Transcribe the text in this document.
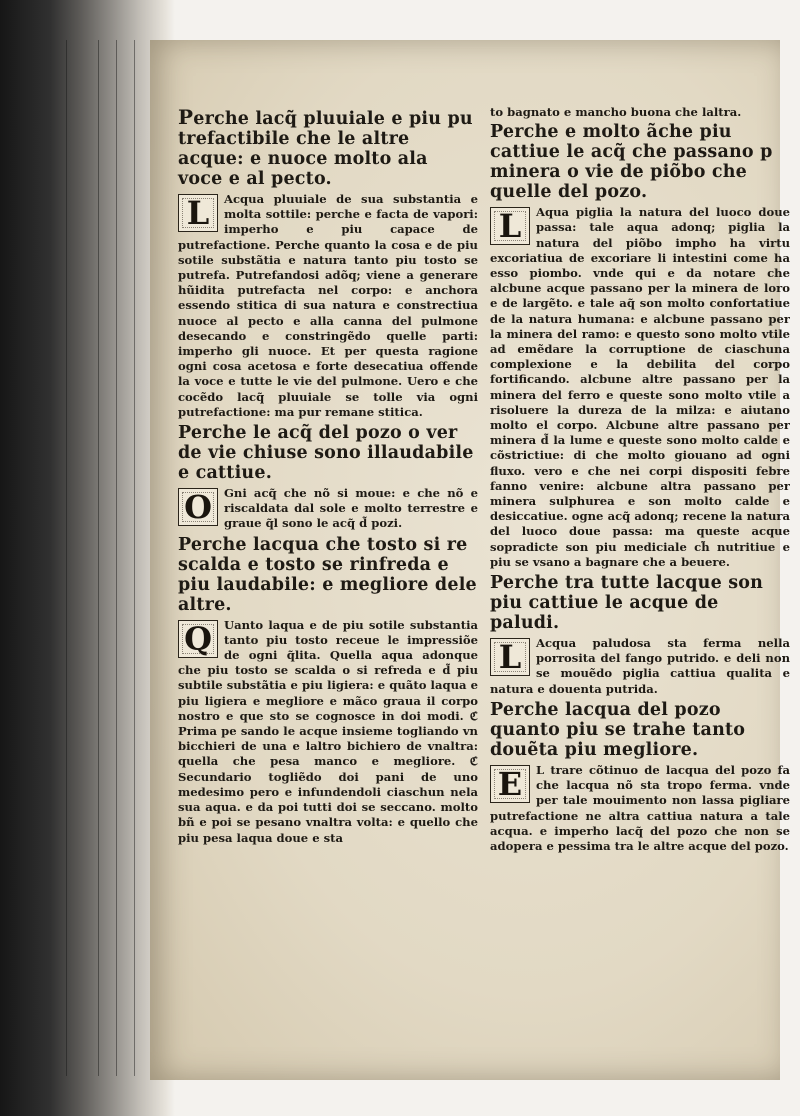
Perche lacq̃ pluuiale e piu pu trefactibile che le altre acque: e nuoce molto ala voce e al pecto.
L	Acqua pluuiale de sua substantia e molta sottile: perche e facta de vapori: imperho e piu capace de putrefactione. Perche quanto la cosa e de piu sotile substãtia e natura tanto piu tosto se putrefa. Putrefandosi adõq; viene a generare hũidita putrefacta nel corpo: e anchora essendo stitica di sua natura e constrectiua nuoce al pecto e alla canna del pulmone desecando e constringẽdo quelle parti: imperho gli nuoce. Et per questa ragione ogni cosa acetosa e forte desecatiua offende la voce e tutte le vie del pulmone. Uero e che cocẽdo lacq̃ pluuiale se tolle via ogni putrefactione: ma pur remane stitica.
Perche le acq̃ del pozo o ver de vie chiuse sono illaudabile e cattiue.
O	Gni acq̃ che nõ si moue: e che nõ e riscaldata dal sole e molto terrestre e graue q̃l sono le acq̃ d̃ pozi.
Perche lacqua che tosto si re scalda e tosto se rinfreda e piu laudabile: e megliore dele altre.
Q	Uanto laqua e de piu sotile substantia tanto piu tosto receue le impressiõe de ogni q̃lita. Quella aqua adonque che piu tosto se scalda o si refreda e d̃ piu subtile substãtia e piu ligiera: e quãto laqua e piu ligiera e megliore e mãco graua il corpo nostro e que sto se cognosce in doi modi. ℭ Prima pe sando le acque insieme togliando vn bicchieri de una e laltro bichiero de vnaltra: quella che pesa manco e megliore. ℭ Secundario togliẽdo doi pani de uno medesimo pero e infundendoli ciaschun nela sua aqua. e da poi tutti doi se seccano. molto bñ e poi se pesano vnaltra volta: e quello che piu pesa laqua doue e sta
to bagnato e mancho buona che laltra.
Perche e molto ãche piu cattiue le acq̃ che passano p minera o vie de piõbo che quelle del pozo.
L	Aqua piglia la natura del luoco doue passa: tale aqua adonq; piglia la natura del piõbo impho ha virtu excoriatiua de excoriare li intestini come ha esso piombo. vnde qui e da notare che alcbune acque passano per la minera de loro e de largẽto. e tale aq̃ son molto confortatiue de la natura humana: e alcbune passano per la minera del ramo: e questo sono molto vtile ad emẽdare la corruptione de ciaschuna complexione e la debilita del corpo fortificando. alcbune altre passano per la minera del ferro e queste sono molto vtile a risoluere la dureza de la milza: e aiutano molto el corpo. Alcbune altre passano per minera d̃ la lume e queste sono molto calde e cõstrictiue: di che molto giouano ad ogni fluxo. vero e che nei corpi dispositi febre fanno venire: alcbune altra passano per minera sulphurea e son molto calde e desiccatiue. ogne acq̃ adonq; recene la natura del luoco doue passa: ma queste acque sopradicte son piu mediciale ch̃ nutritiue e piu se vsano a bagnare che a beuere.
Perche tra tutte lacque son piu cattiue le acque de paludi.
L	Acqua paludosa sta ferma nella porrosita del fango putrido. e deli non se mouẽdo piglia cattiua qualita e natura e douenta putrida.
Perche lacqua del pozo quanto piu se trahe tanto douẽta piu megliore.
E	L trare cõtinuo de lacqua del pozo fa che lacqua nõ sta tropo ferma. vnde per tale mouimento non lassa pigliare putrefactione ne altra cattiua natura a tale acqua. e imperho lacq̃ del pozo che non se adopera e pessima tra le altre acque del pozo.
